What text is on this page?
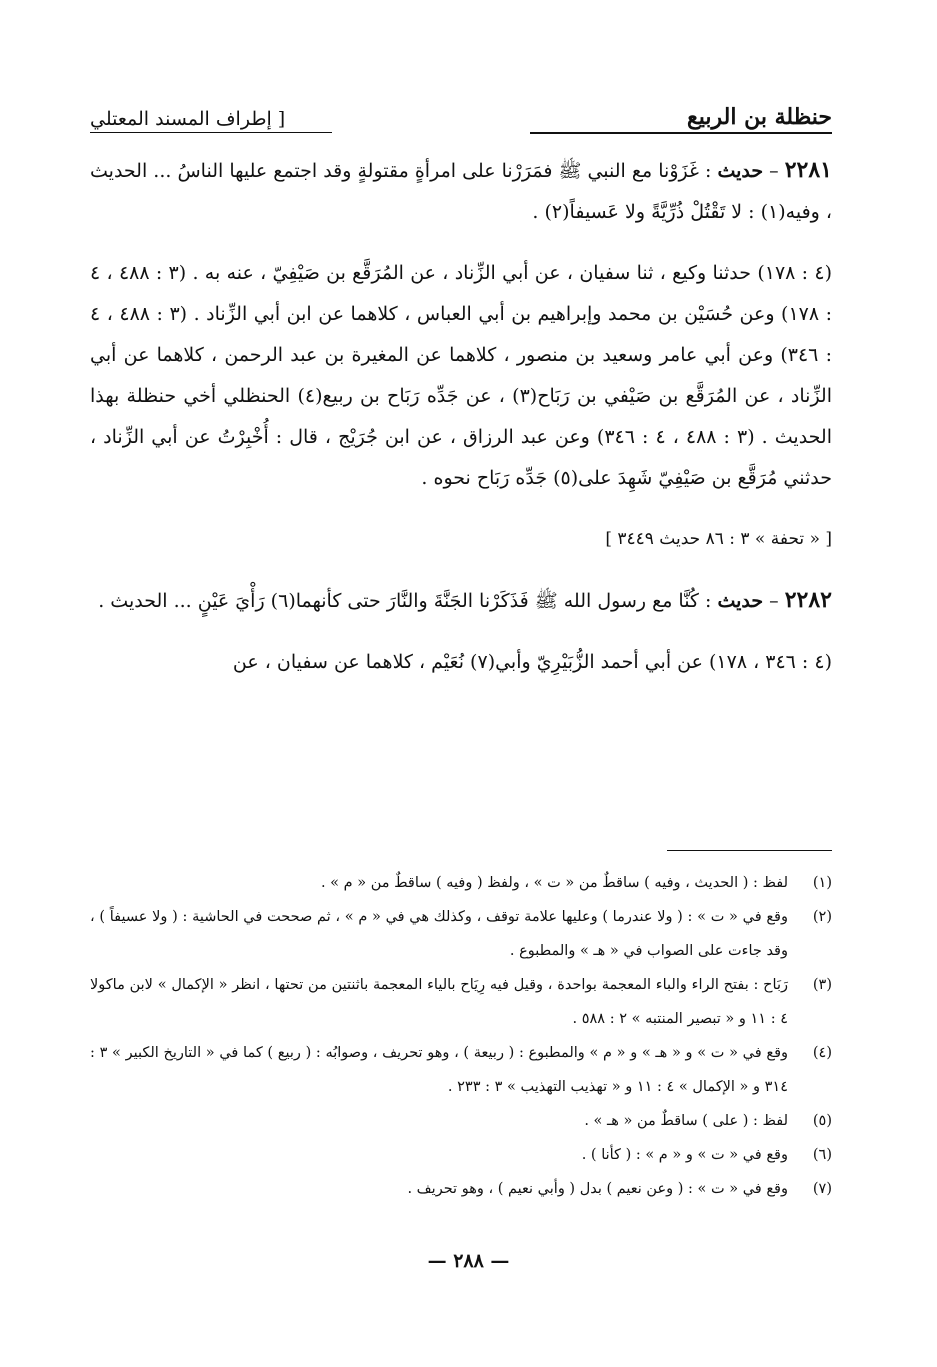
حنظلة بن الربيع
[ إطراف المسند المعتلي
٢٢٨١ – حديث : غَزَوْنا مع النبي ﷺ فمَرَرْنا على امرأةٍ مقتولةٍ وقد اجتمع عليها الناسُ ... الحديث ، وفيه(١) : لا تَقْتُلْ ذُرِّيَّةً ولا عَسيفاً(٢) .
(٤ : ١٧٨) حدثنا وكيع ، ثنا سفيان ، عن أبي الزِّناد ، عن المُرَقَّع بن صَيْفِيّ ، عنه به . (٣ : ٤٨٨ ، ٤ : ١٧٨) وعن حُسَيْن بن محمد وإبراهيم بن أبي العباس ، كلاهما عن ابن أبي الزِّناد . (٣ : ٤٨٨ ، ٤ : ٣٤٦) وعن أبي عامر وسعيد بن منصور ، كلاهما عن المغيرة بن عبد الرحمن ، كلاهما عن أبي الزِّناد ، عن المُرَقَّع بن صَيْفي بن رَبَاح(٣) ، عن جَدِّه رَبَاح بن ربيع(٤) الحنظلي أخي حنظلة بهذا الحديث . (٣ : ٤٨٨ ، ٤ : ٣٤٦) وعن عبد الرزاق ، عن ابن جُرَيْج ، قال : أُخْبِرْتُ عن أبي الزِّناد ، حدثني مُرَقَّع بن صَيْفِيّ شَهِدَ على(٥) جَدِّه رَبَاح نحوه .
[ « تحفة » ٣ : ٨٦ حديث ٣٤٤٩ ]
٢٢٨٢ – حديث : كُنَّا مع رسول الله ﷺ فَذَكَرْنا الجَنَّةَ والنَّارَ حتى كأنهما(٦) رَأْيَ عَيْنٍ ... الحديث .
(٤ : ٣٤٦ ، ١٧٨) عن أبي أحمد الزُّبَيْرِيّ وأبي(٧) نُعَيْم ، كلاهما عن سفيان ، عن
(١)
لفظ : ( الحديث ، وفيه ) ساقطٌ من « ت » ، ولفظ ( وفيه ) ساقطٌ من « م » .
(٢)
وقع في « ت » : ( ولا عندرما ) وعليها علامة توقف ، وكذلك هي في « م » ، ثم صححت في الحاشية : ( ولا عسيفاً ) ، وقد جاءت على الصواب في « هـ » والمطبوع .
(٣)
رَبَاح : بفتح الراء والباء المعجمة بواحدة ، وقيل فيه رِيَاح بالياء المعجمة باثنتين من تحتها ، انظر « الإكمال » لابن ماكولا ٤ : ١١ و « تبصير المنتبه » ٢ : ٥٨٨ .
(٤)
وقع في « ت » و « هـ » و « م » والمطبوع : ( ربيعة ) ، وهو تحريف ، وصوابُه : ( ربيع ) كما في « التاريخ الكبير » ٣ : ٣١٤ و « الإكمال » ٤ : ١١ و « تهذيب التهذيب » ٣ : ٢٣٣ .
(٥)
لفظ : ( على ) ساقطٌ من « هـ » .
(٦)
وقع في « ت » و « م » : ( كأنا ) .
(٧)
وقع في « ت » : ( وعن نعيم ) بدل ( وأبي نعيم ) ، وهو تحريف .
— ٢٨٨ —
